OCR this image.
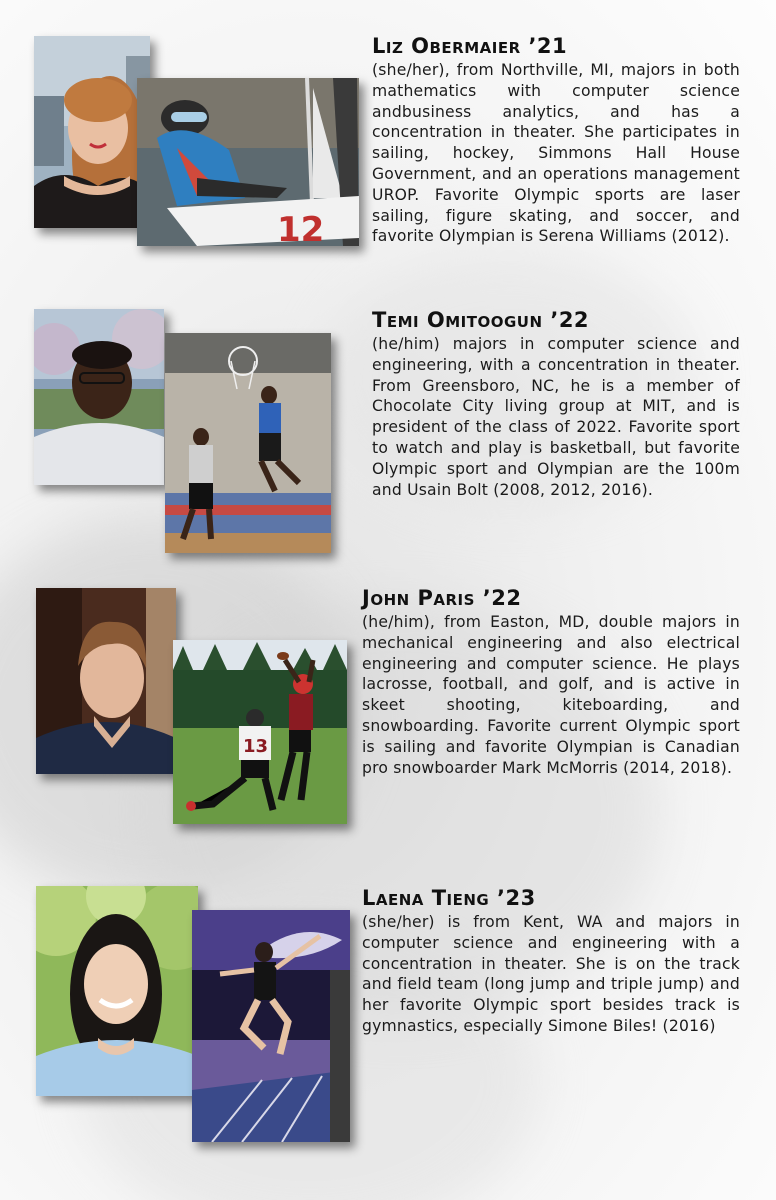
12
Liz Obermaier ’21

(she/her), from Northville, MI, majors in both mathematics with computer science andbusiness analytics, and has a concentration in theater. She participates in sailing, hockey, Simmons Hall House Government, and an operations management UROP. Favorite Olympic sports are laser sailing, figure skating, and soccer, and favorite Olympian is Serena Williams (2012).

Temi Omitoogun ’22

(he/him) majors in computer science and engineering, with a concentration in theater. From Greensboro, NC, he is a member of Chocolate City living group at MIT, and is president of the class of 2022. Favorite sport to watch and play is basketball, but favorite Olympic sport and Olympian are the 100m and Usain Bolt (2008, 2012, 2016).

13
John Paris ’22

(he/him), from Easton, MD, double majors in mechanical engineering and also electrical engineering and computer science. He plays lacrosse, football, and golf, and is active in skeet shooting, kiteboarding, and snowboarding. Favorite current Olympic sport is sailing and favorite Olympian is Canadian pro snowboarder Mark McMorris (2014, 2018).

Laena Tieng ’23

(she/her) is from Kent, WA and majors in computer science and engineering with a concentration in theater. She is on the track and field team (long jump and triple jump) and her favorite Olympic sport besides track is gymnastics, especially Simone Biles! (2016)
